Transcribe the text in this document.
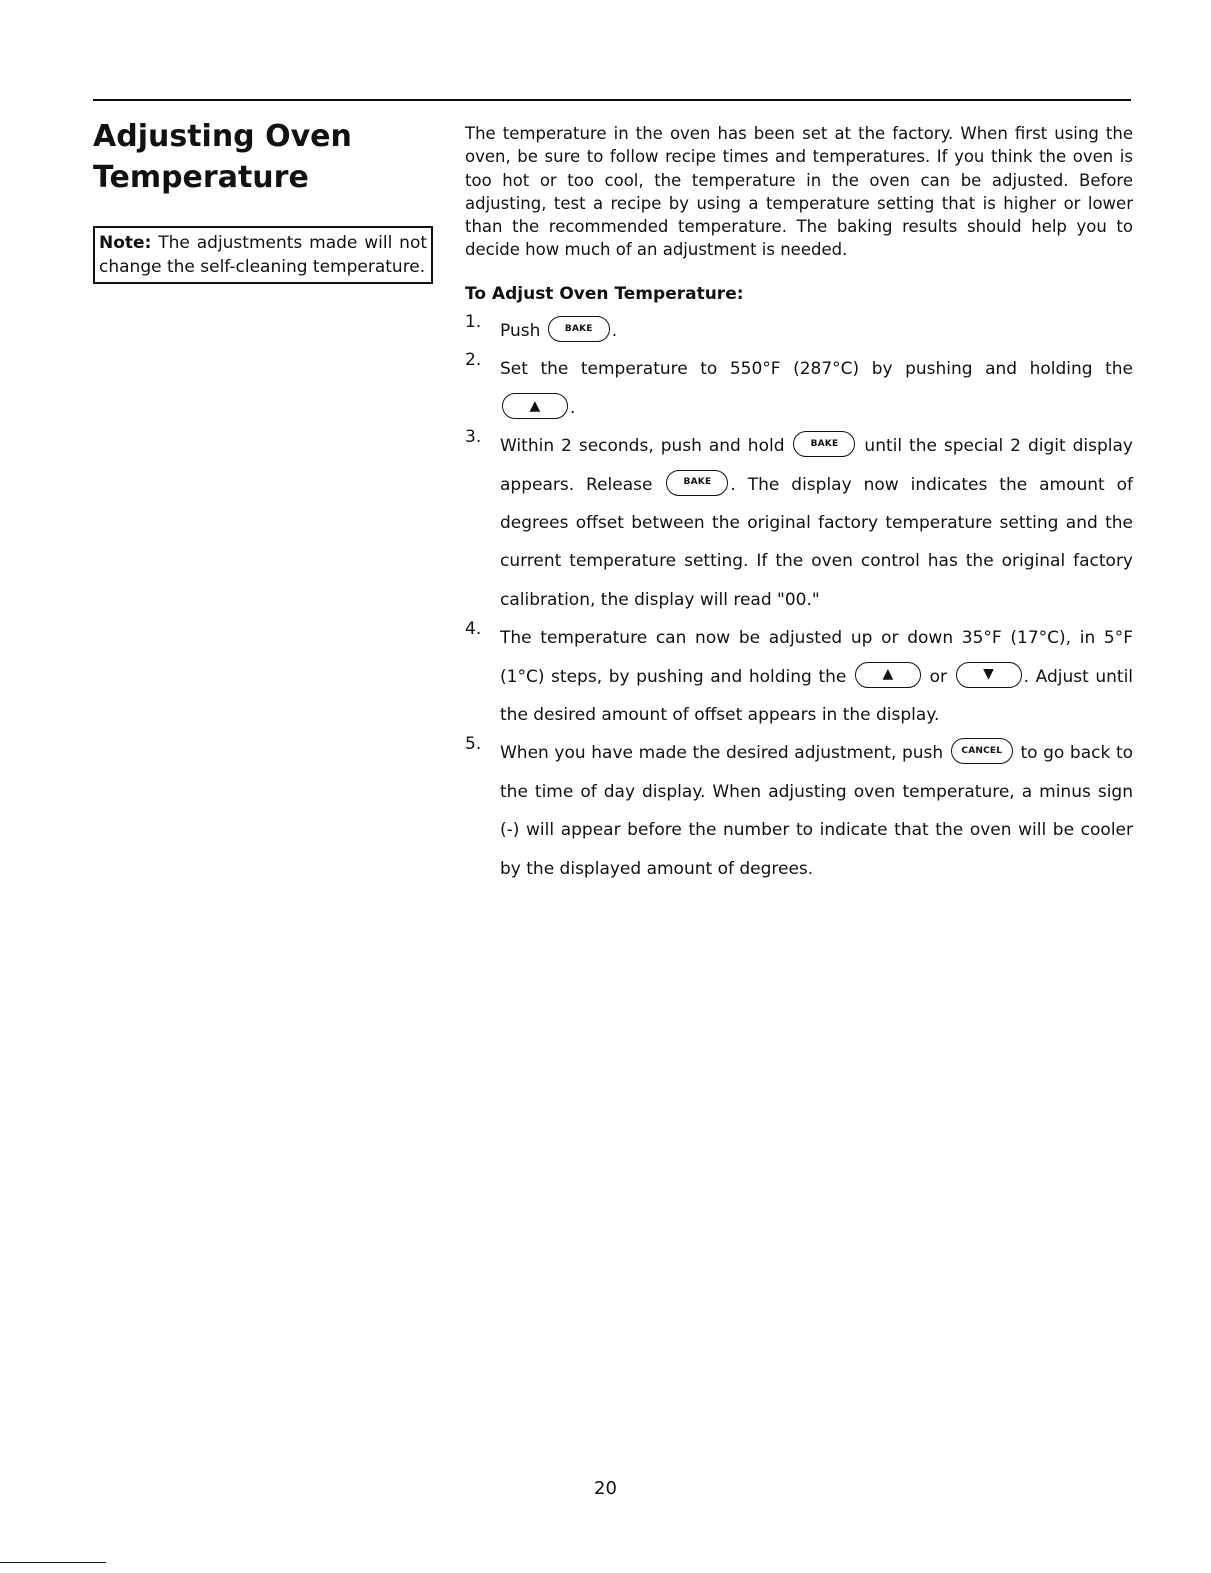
Adjusting Oven Temperature
Note: The adjustments made will not change the self-cleaning temperature.

The temperature in the oven has been set at the factory. When first using the oven, be sure to follow recipe times and temperatures. If you think the oven is too hot or too cool, the temperature in the oven can be adjusted. Before adjusting, test a recipe by using a temperature setting that is higher or lower than the recommended temperature. The baking results should help you to decide how much of an adjustment is needed.

To Adjust Oven Temperature:
1. Push	BAKE .

2. Set the temperature to 550°F (287°C) by pushing and holding the ▲ .

3. Within 2 seconds, push and hold	BAKE until the special 2 digit display appears. Release	BAKE . The display now indicates the amount of degrees offset between the original factory temperature setting and the current temperature setting. If the oven control has the original factory calibration, the display will read "00."

4. The temperature can now be adjusted up or down 35°F (17°C), in 5°F (1°C) steps, by pushing and holding the	▲ or	▼ . Adjust until the desired amount of offset appears in the display.

5. When you have made the desired adjustment, push CANCEL to go back to the time of day display. When adjusting oven temperature, a minus sign (-) will appear before the number to indicate that the oven will be cooler by the displayed amount of degrees.

20
